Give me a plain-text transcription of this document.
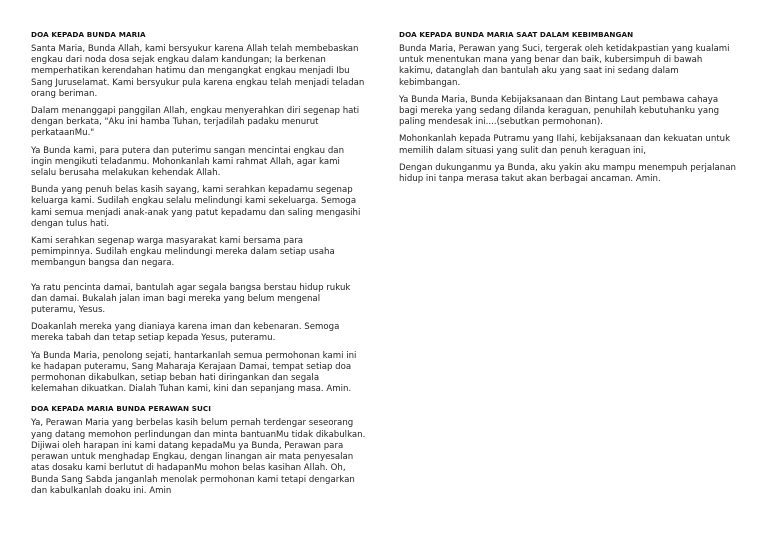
DOA KEPADA BUNDA MARIA

Santa Maria, Bunda Allah, kami bersyukur karena Allah telah membebaskan engkau dari noda dosa sejak engkau dalam kandungan; Ia berkenan memperhatikan kerendahan hatimu dan mengangkat engkau menjadi Ibu Sang Juruselamat. Kami bersyukur pula karena engkau telah menjadi teladan orang beriman.

Dalam menanggapi panggilan Allah, engkau menyerahkan diri segenap hati dengan berkata, "Aku ini hamba Tuhan, terjadilah padaku menurut perkataanMu."

Ya Bunda kami, para putera dan puterimu sangan mencintai engkau dan ingin mengikuti teladanmu. Mohonkanlah kami rahmat Allah, agar kami selalu berusaha melakukan kehendak Allah.

Bunda yang penuh belas kasih sayang, kami serahkan kepadamu segenap keluarga kami. Sudilah engkau selalu melindungi kami sekeluarga. Semoga kami semua menjadi anak-anak yang patut kepadamu dan saling mengasihi dengan tulus hati.

Kami serahkan segenap warga masyarakat kami bersama para pemimpinnya. Sudilah engkau melindungi mereka dalam setiap usaha membangun bangsa dan negara.

Ya ratu pencinta damai, bantulah agar segala bangsa berstau hidup rukuk dan damai. Bukalah jalan iman bagi mereka yang belum mengenal puteramu, Yesus.

Doakanlah mereka yang dianiaya karena iman dan kebenaran. Semoga mereka tabah dan tetap setiap kepada Yesus, puteramu.

Ya Bunda Maria, penolong sejati, hantarkanlah semua permohonan kami ini ke hadapan puteramu, Sang Maharaja Kerajaan Damai, tempat setiap doa permohonan dikabulkan, setiap beban hati diringankan dan segala kelemahan dikuatkan. Dialah Tuhan kami, kini dan sepanjang masa. Amin.

DOA KEPADA MARIA BUNDA PERAWAN SUCI

Ya, Perawan Maria yang berbelas kasih belum pernah terdengar seseorang yang datang memohon perlindungan dan minta bantuanMu tidak dikabulkan. Dijiwai oleh harapan ini kami datang kepadaMu ya Bunda, Perawan para perawan untuk menghadap Engkau, dengan linangan air mata penyesalan atas dosaku kami berlutut di hadapanMu mohon belas kasihan Allah. Oh, Bunda Sang Sabda janganlah menolak permohonan kami tetapi dengarkan dan kabulkanlah doaku ini. Amin

DOA KEPADA BUNDA MARIA SAAT DALAM KEBIMBANGAN

Bunda Maria, Perawan yang Suci, tergerak oleh ketidakpastian yang kualami untuk menentukan mana yang benar dan baik, kubersimpuh di bawah kakimu, datanglah dan bantulah aku yang saat ini sedang dalam kebimbangan.

Ya Bunda Maria, Bunda Kebijaksanaan dan Bintang Laut pembawa cahaya bagi mereka yang sedang dilanda keraguan, penuhilah kebutuhanku yang paling mendesak ini....(sebutkan permohonan).

Mohonkanlah kepada Putramu yang Ilahi, kebijaksanaan dan kekuatan untuk memilih dalam situasi yang sulit dan penuh keraguan ini,

Dengan dukunganmu ya Bunda, aku yakin aku mampu menempuh perjalanan hidup ini tanpa merasa takut akan berbagai ancaman. Amin.
